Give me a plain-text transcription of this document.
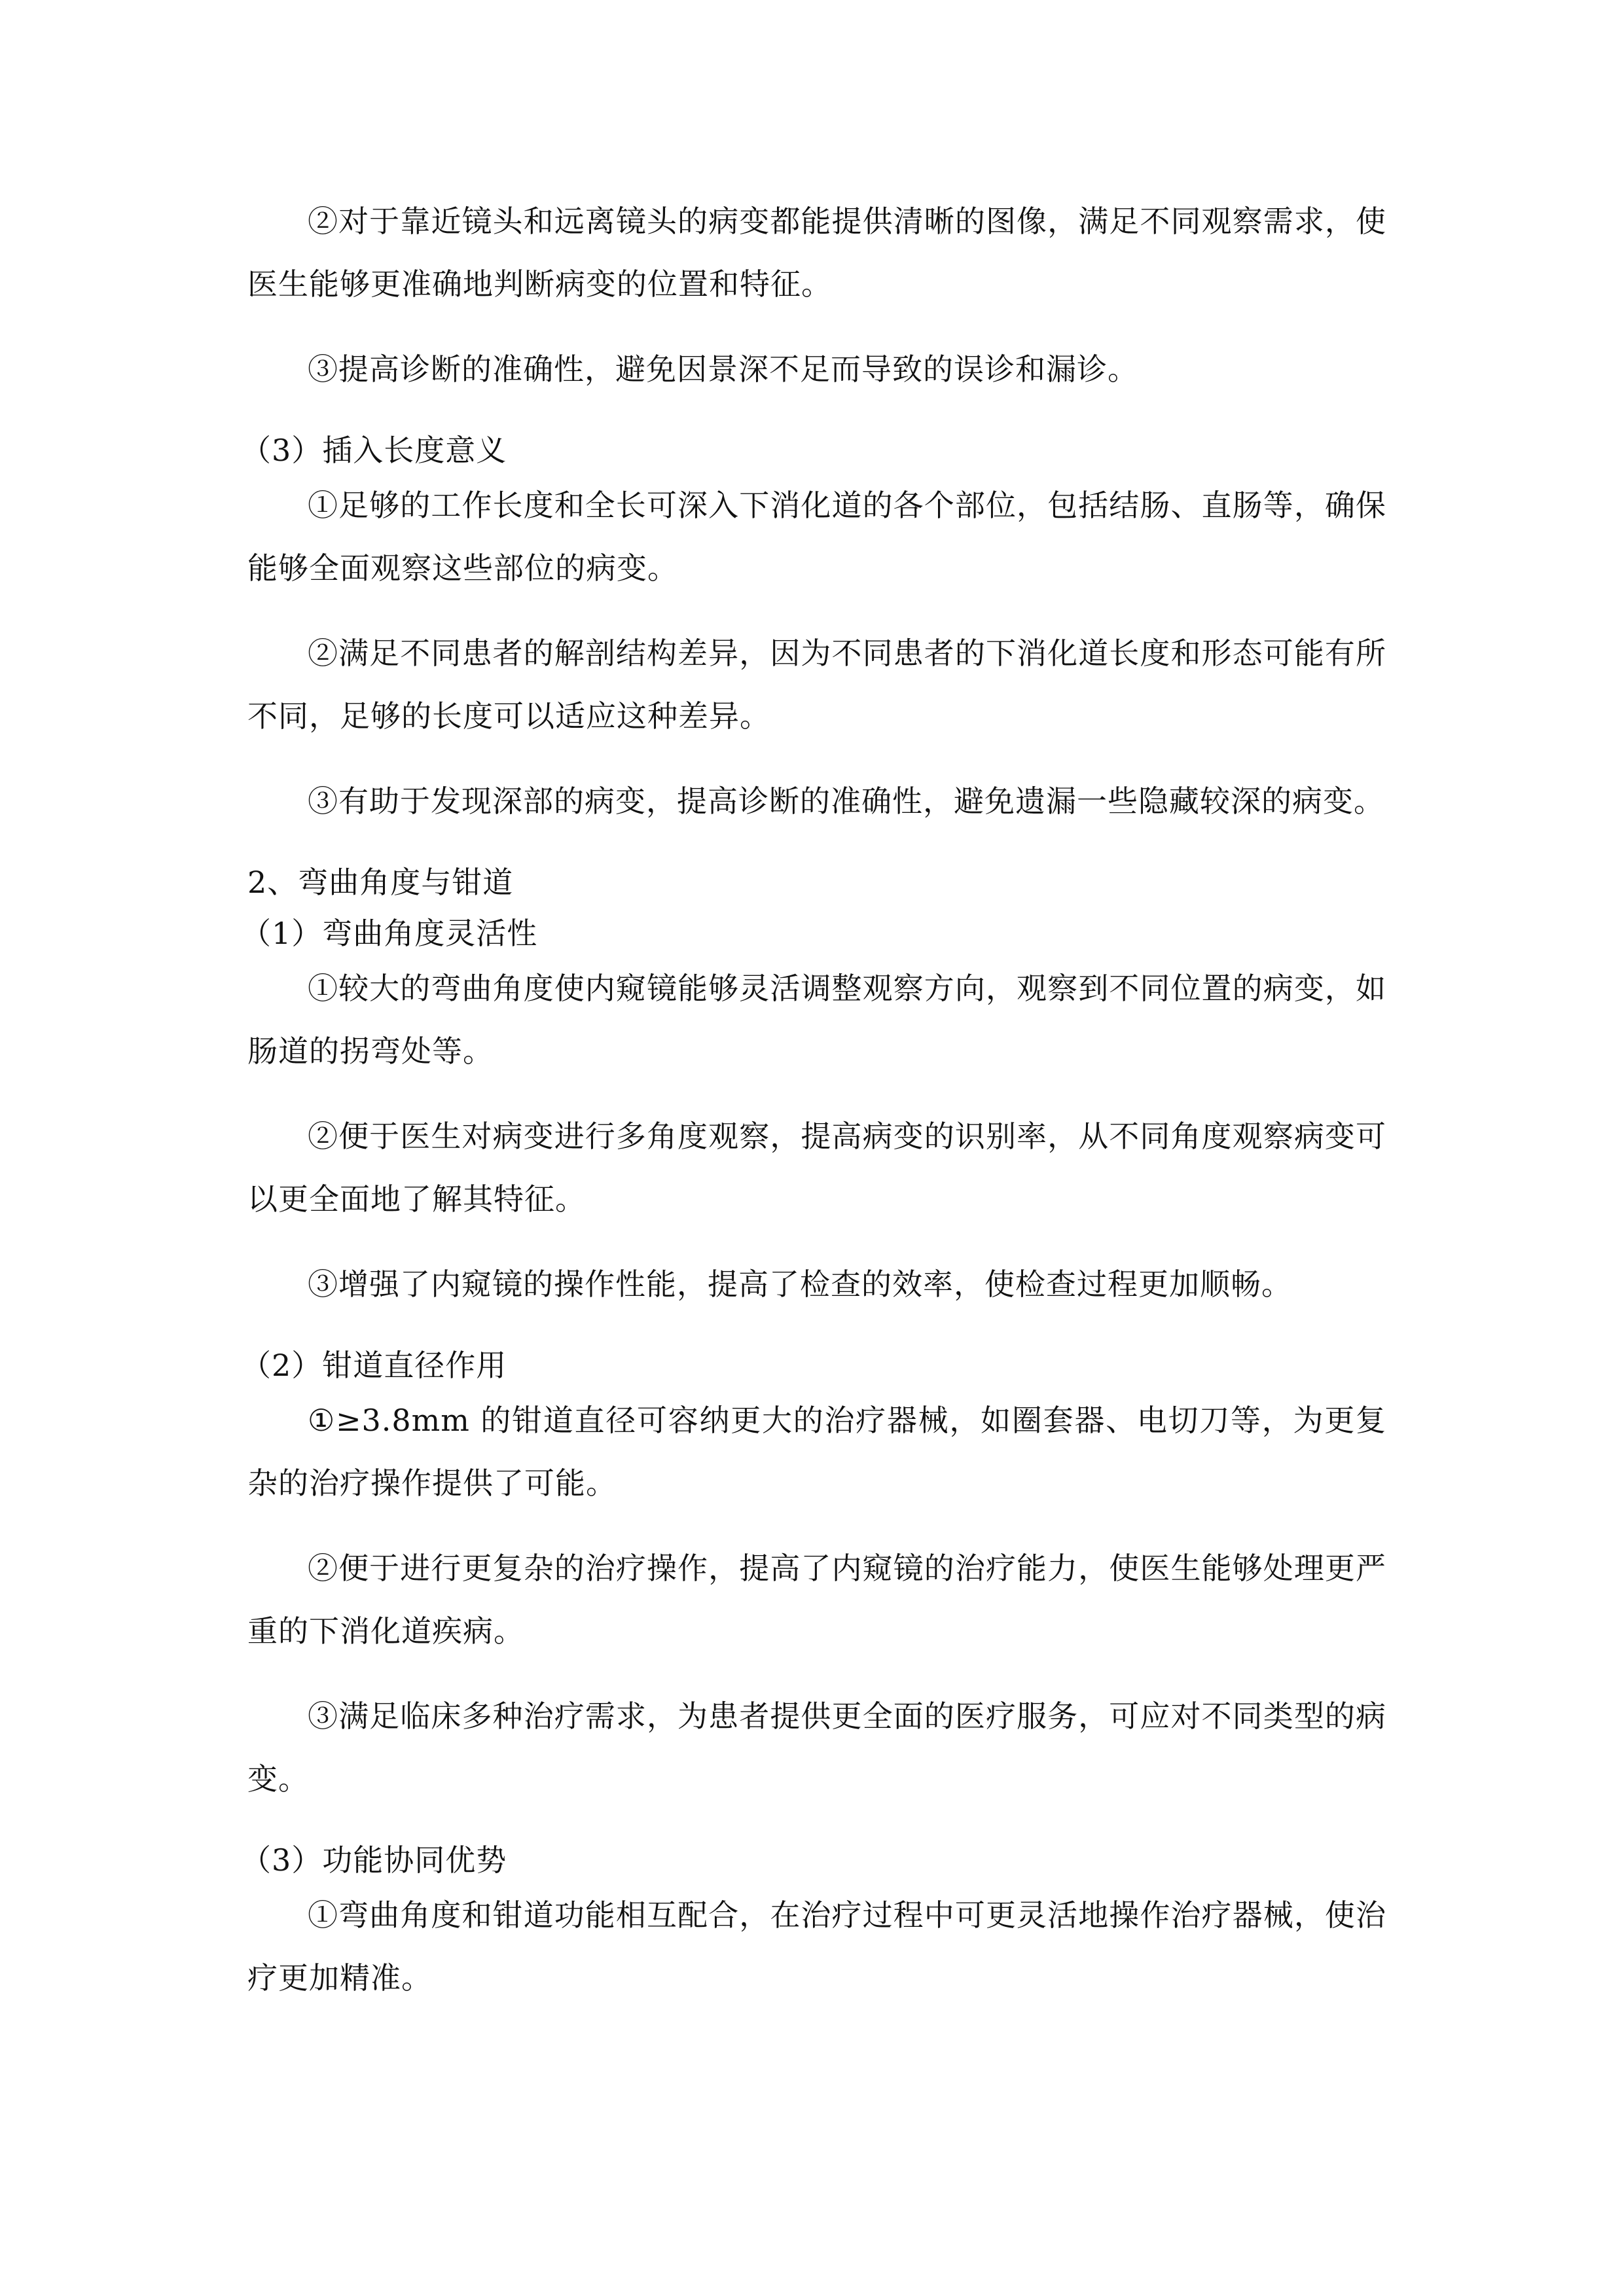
②对于靠近镜头和远离镜头的病变都能提供清晰的图像，满足不同观察需求，使医生能够更准确地判断病变的位置和特征。

③提高诊断的准确性，避免因景深不足而导致的误诊和漏诊。

（3）插入长度意义

①足够的工作长度和全长可深入下消化道的各个部位，包括结肠、直肠等，确保能够全面观察这些部位的病变。

②满足不同患者的解剖结构差异，因为不同患者的下消化道长度和形态可能有所不同，足够的长度可以适应这种差异。

③有助于发现深部的病变，提高诊断的准确性，避免遗漏一些隐藏较深的病变。

2、弯曲角度与钳道

（1）弯曲角度灵活性

①较大的弯曲角度使内窥镜能够灵活调整观察方向，观察到不同位置的病变，如肠道的拐弯处等。

②便于医生对病变进行多角度观察，提高病变的识别率，从不同角度观察病变可以更全面地了解其特征。

③增强了内窥镜的操作性能，提高了检查的效率，使检查过程更加顺畅。

（2）钳道直径作用

①≥3.8mm 的钳道直径可容纳更大的治疗器械，如圈套器、电切刀等，为更复杂的治疗操作提供了可能。

②便于进行更复杂的治疗操作，提高了内窥镜的治疗能力，使医生能够处理更严重的下消化道疾病。

③满足临床多种治疗需求，为患者提供更全面的医疗服务，可应对不同类型的病变。

（3）功能协同优势

①弯曲角度和钳道功能相互配合，在治疗过程中可更灵活地操作治疗器械，使治疗更加精准。
